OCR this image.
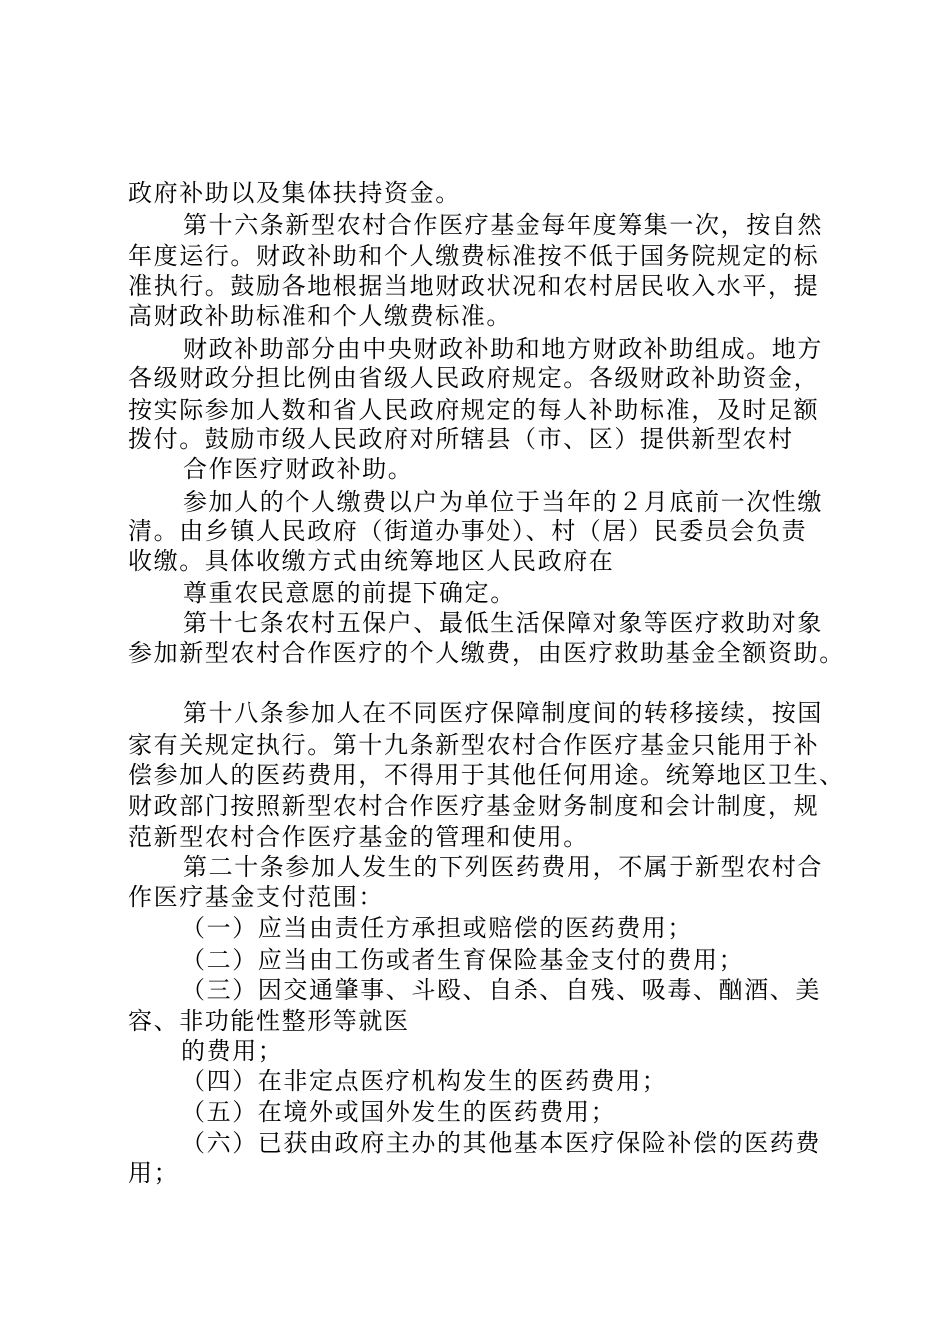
政府补助以及集体扶持资金。
第十六条新型农村合作医疗基金每年度筹集一次，按自然
年度运行。财政补助和个人缴费标准按不低于国务院规定的标
准执行。鼓励各地根据当地财政状况和农村居民收入水平，提
高财政补助标准和个人缴费标准。
财政补助部分由中央财政补助和地方财政补助组成。地方
各级财政分担比例由省级人民政府规定。各级财政补助资金，
按实际参加人数和省人民政府规定的每人补助标准，及时足额
拨付。鼓励市级人民政府对所辖县（市、区）提供新型农村
合作医疗财政补助。
参加人的个人缴费以户为单位于当年的２月底前一次性缴
清。由乡镇人民政府（街道办事处）、村（居）民委员会负责
收缴。具体收缴方式由统筹地区人民政府在
尊重农民意愿的前提下确定。
第十七条农村五保户、最低生活保障对象等医疗救助对象
参加新型农村合作医疗的个人缴费，由医疗救助基金全额资助。
第十八条参加人在不同医疗保障制度间的转移接续，按国
家有关规定执行。第十九条新型农村合作医疗基金只能用于补
偿参加人的医药费用，不得用于其他任何用途。统筹地区卫生、
财政部门按照新型农村合作医疗基金财务制度和会计制度，规
范新型农村合作医疗基金的管理和使用。
第二十条参加人发生的下列医药费用，不属于新型农村合
作医疗基金支付范围：
（一）应当由责任方承担或赔偿的医药费用；
（二）应当由工伤或者生育保险基金支付的费用；
（三）因交通肇事、斗殴、自杀、自残、吸毒、酗酒、美
容、非功能性整形等就医
的费用；
（四）在非定点医疗机构发生的医药费用；
（五）在境外或国外发生的医药费用；
（六）已获由政府主办的其他基本医疗保险补偿的医药费
用；
